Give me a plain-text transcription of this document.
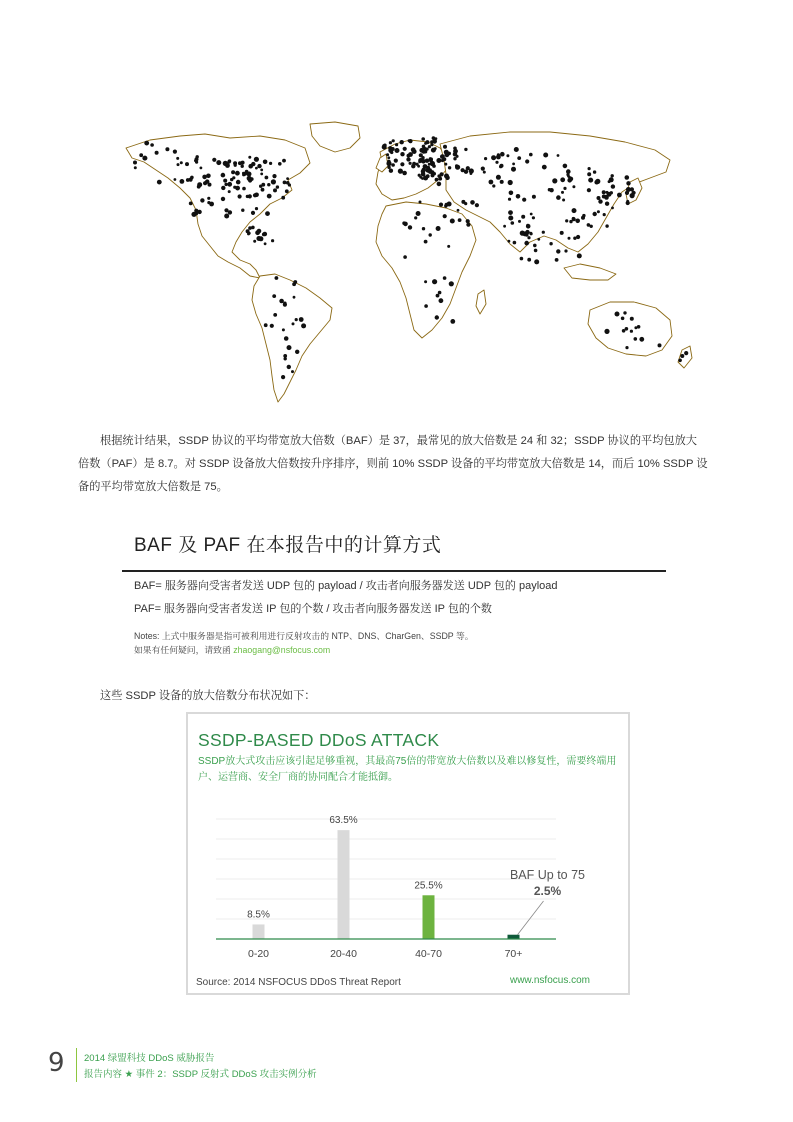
根据统计结果，SSDP 协议的平均带宽放大倍数（BAF）是 37，最常见的放大倍数是 24 和 32；SSDP 协议的平均包放大

倍数（PAF）是 8.7。对 SSDP 设备放大倍数按升序排序，则前 10% SSDP 设备的平均带宽放大倍数是 14，而后 10% SSDP 设

备的平均带宽放大倍数是 75。

BAF 及 PAF 在本报告中的计算方式
BAF= 服务器向受害者发送 UDP 包的 payload / 攻击者向服务器发送 UDP 包的 payload
PAF= 服务器向受害者发送 IP 包的个数 / 攻击者向服务器发送 IP 包的个数
Notes: 上式中服务器是指可被利用进行反射攻击的 NTP、DNS、CharGen、SSDP 等。
如果有任何疑问，请致函 zhaogang@nsfocus.com
这些 SSDP 设备的放大倍数分布状况如下：
SSDP-BASED DDoS ATTACK
SSDP放大式攻击应该引起足够重视，其最高75倍的带宽放大倍数以及难以修复性，需要终端用户、运营商、安全厂商的协同配合才能抵御。
0-20
8.5%
20-40
63.5%
40-70
25.5%
70+
2.5%
BAF Up to 75
Source: 2014 NSFOCUS DDoS Threat Report	www.nsfocus.com
9 2014 绿盟科技 DDoS 威胁报告
报告内容 ★ 事件 2：SSDP 反射式 DDoS 攻击实例分析
